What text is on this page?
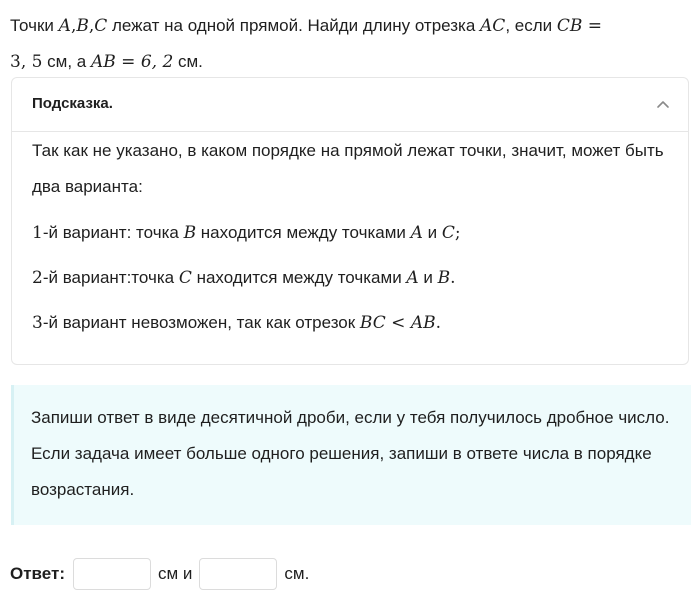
Точки A,B,C лежат на одной прямой. Найди длину отрезка AC, если CB =
3, 5 см, а AB = 6, 2 см.
Подсказка.
Так как не указано, в каком порядке на прямой лежат точки, значит, может быть два варианта:
1-й вариант: точка B находится между точками A и C;
2-й вариант:точка C находится между точками A и B.
3-й вариант невозможен, так как отрезок BC < AB.
Запиши ответ в виде десятичной дроби, если у тебя получилось дробное число. Если задача имеет больше одного решения, запиши в ответе числа в порядке возрастания.
Ответ:	см и	см.
